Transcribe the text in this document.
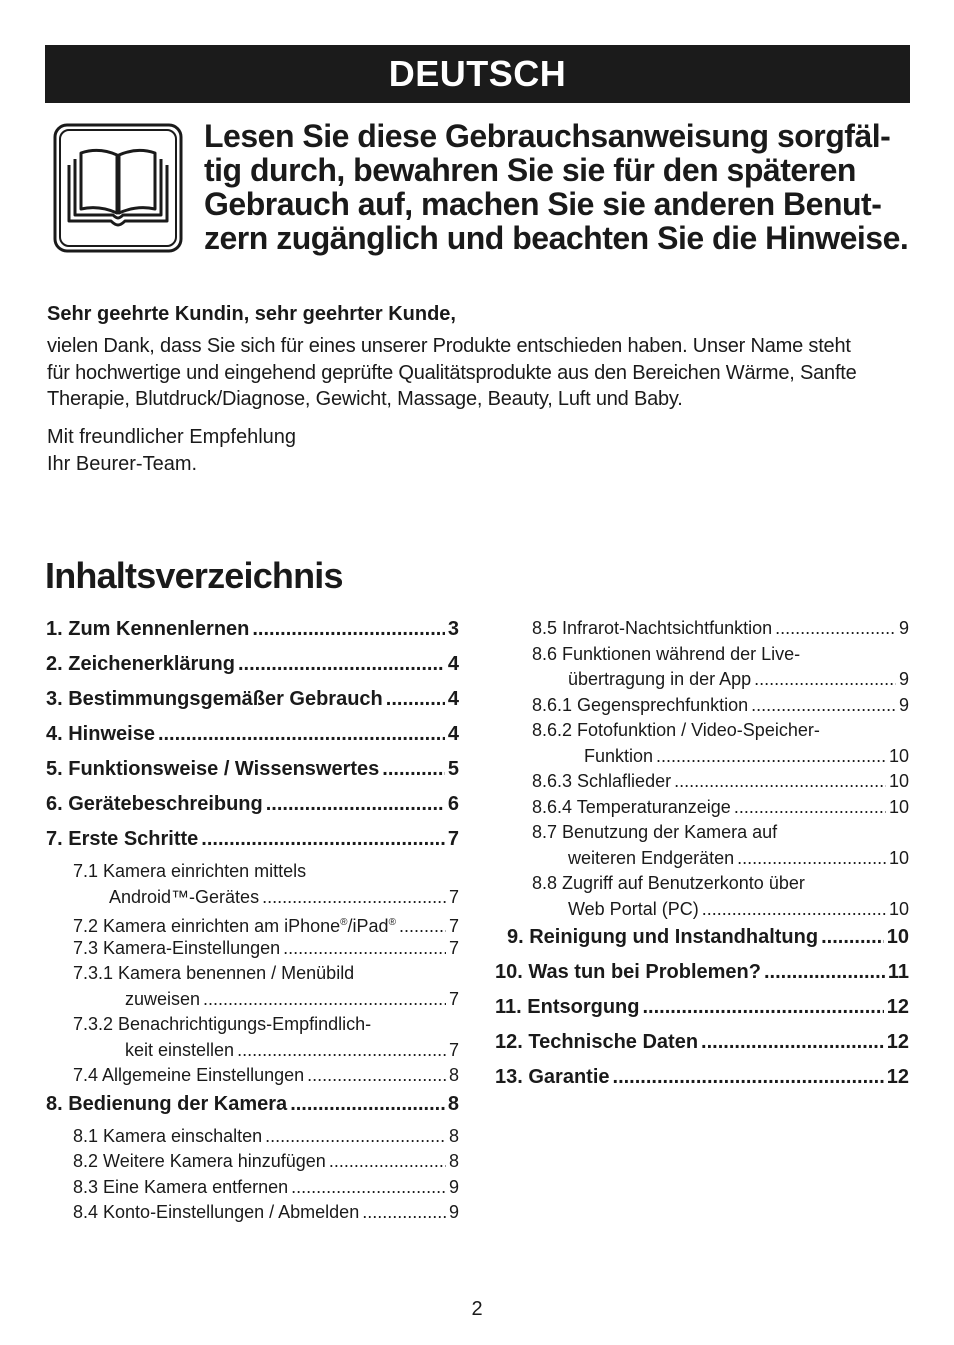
DEUTSCH
Lesen Sie diese Gebrauchsanweisung sorgfäl-
tig durch, bewahren Sie sie für den späteren
Gebrauch auf, machen Sie sie anderen Benut-
zern zugänglich und beachten Sie die Hinweise.
Sehr geehrte Kundin, sehr geehrter Kunde,
vielen Dank, dass Sie sich für eines unserer Produkte entschieden haben. Unser Name steht
für hochwertige und eingehend geprüfte Qualitätsprodukte aus den Bereichen Wärme, Sanfte
Therapie, Blutdruck/Diagnose, Gewicht, Massage, Beauty, Luft und Baby.
Mit freundlicher Empfehlung
Ihr Beurer-Team.
Inhaltsverzeichnis
1. Zum Kennenlernen .....	3
2. Zeichenerklärung .....	4
3. Bestimmungsgemäßer Gebrauch .....	4
4. Hinweise .....	4
5. Funktionsweise / Wissenswertes .....	5
6. Gerätebeschreibung .....	6
7. Erste Schritte .....	7
7.1 Kamera einrichten mittels
Android™-Gerätes .....	7
7.2 Kamera einrichten am iPhone®/iPad® .....	7
7.3 Kamera-Einstellungen .....	7
7.3.1 Kamera benennen / Menübild
zuweisen .....	7
7.3.2 Benachrichtigungs-Empfindlich-
keit einstellen .....	7
7.4 Allgemeine Einstellungen .....	8
8. Bedienung der Kamera .....	8
8.1 Kamera einschalten .....	8
8.2 Weitere Kamera hinzufügen .....	8
8.3 Eine Kamera entfernen .....	9
8.4 Konto-Einstellungen / Abmelden .....	9
8.5 Infrarot-Nachtsichtfunktion .....	9
8.6 Funktionen während der Live-
übertragung in der App .....	9
8.6.1 Gegensprechfunktion .....	9
8.6.2 Fotofunktion / Video-Speicher-
Funktion .....	10
8.6.3 Schlaflieder .....	10
8.6.4 Temperaturanzeige .....	10
8.7 Benutzung der Kamera auf
weiteren Endgeräten .....	10
8.8 Zugriff auf Benutzerkonto über
Web Portal (PC) .....	10
9. Reinigung und Instandhaltung .....	10
10. Was tun bei Problemen? .....	11
11. Entsorgung .....	12
12. Technische Daten .....	12
13. Garantie .....	12
2
